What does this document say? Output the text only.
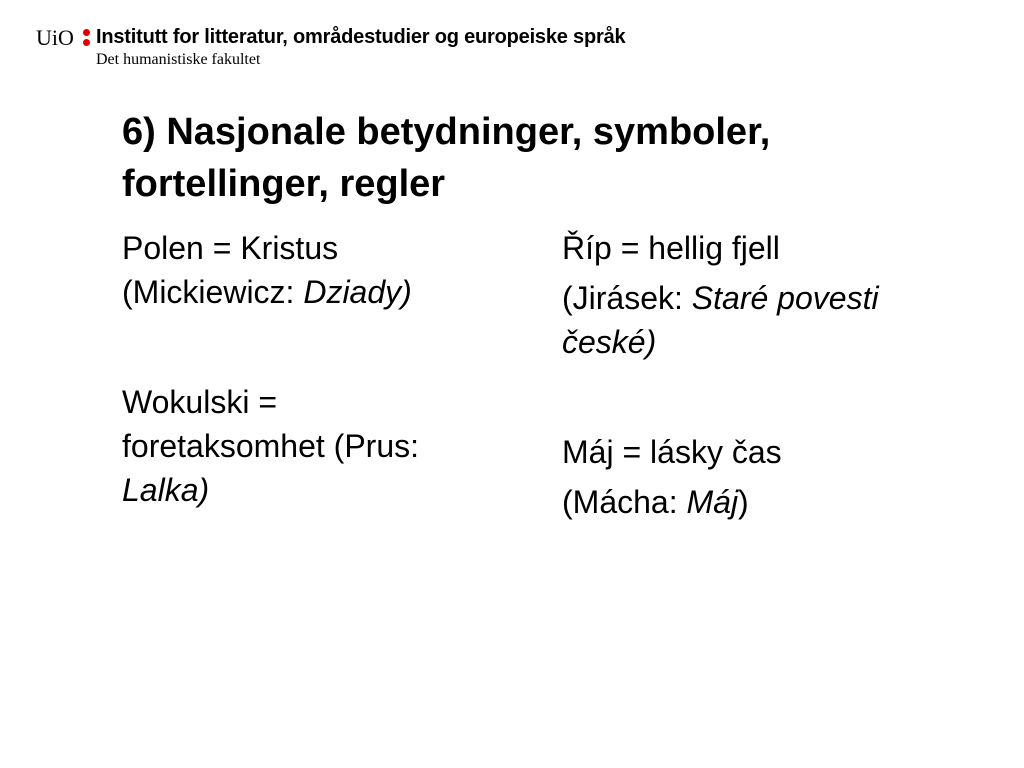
UiO Institutt for litteratur, områdestudier og europeiske språk
Det humanistiske fakultet
6) Nasjonale betydninger, symboler,
fortellinger, regler

Polen = Kristus
(Mickiewicz: Dziady)

Wokulski =
foretaksomhet (Prus:
Lalka)

Říp = hellig fjell

(Jirásek: Staré povesti
české)

Máj = lásky čas

(Mácha: Máj)
